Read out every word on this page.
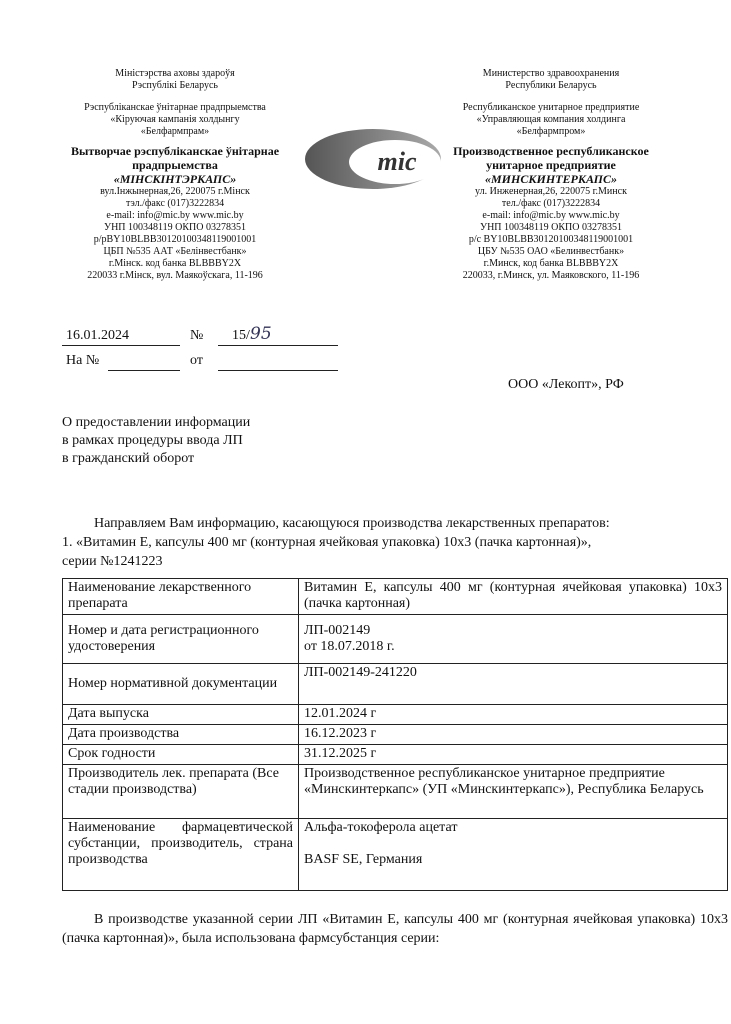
Міністэрства аховы здароўя
Рэспублікі Беларусь
Рэспубліканскае ўнітарнае прадпрыемства
«Кіруючая кампанія холдынгу
«Белфармпрам»
Вытворчае рэспубліканскае ўнітарнае
прадпрыемства
«МІНСКІНТЭРКАПС»
вул.Інжынерная,26, 220075 г.Мінск
тэл./факс (017)3222834
e-mail: info@mic.by www.mic.by
УНП 100348119 ОКПО 03278351
р/рBY10BLBB30120100348119001001
ЦБП №535 ААТ «Белінвестбанк»
г.Мінск. код банка BLBBBY2X
220033 г.Мінск, вул. Маякоўскага, 11-196
Министерство здравоохранения
Республики Беларусь
Республиканское унитарное предприятие
«Управляющая компания холдинга
«Белфармпром»
Производственное республиканское
унитарное предприятие
«МИНСКИНТЕРКАПС»
ул. Инженерная,26, 220075 г.Минск
тел./факс (017)3222834
e-mail: info@mic.by www.mic.by
УНП 100348119 ОКПО 03278351
р/с BY10BLBB30120100348119001001
ЦБУ №535 ОАО «Белинвестбанк»
г.Минск, код банка BLBBBY2X
220033, г.Минск, ул. Маяковского, 11-196
mic
16.01.2024	№ 15/ 95
На №	от
ООО «Лекопт», РФ
О предоставлении информации
в рамках процедуры ввода ЛП
в гражданский оборот
Направляем Вам информацию, касающуюся производства лекарственных препаратов:
1. «Витамин Е, капсулы 400 мг (контурная ячейковая упаковка) 10х3 (пачка картонная)»,
серии №1241223
Наименование лекарственного препарата	Витамин Е, капсулы 400 мг (контурная ячейковая упаковка) 10х3 (пачка картонная)
Номер и дата регистрационного удостоверения	ЛП-002149
от 18.07.2018 г.

Номер нормативной документации	ЛП-002149-241220
Дата выпуска	12.01.2024 г
Дата производства	16.12.2023 г
Срок годности	31.12.2025 г
Производитель лек. препарата (Все стадии производства)	Производственное республиканское унитарное предприятие «Минскинтеркапс» (УП «Минскинтеркапс»), Республика Беларусь
Наименование фармацевтической субстанции, производитель, страна производства	Альфа-токоферола ацетат
BASF SE, Германия
В производстве указанной серии ЛП «Витамин Е, капсулы 400 мг (контурная ячейковая упаковка) 10х3 (пачка картонная)», была использована фармсубстанция серии:
